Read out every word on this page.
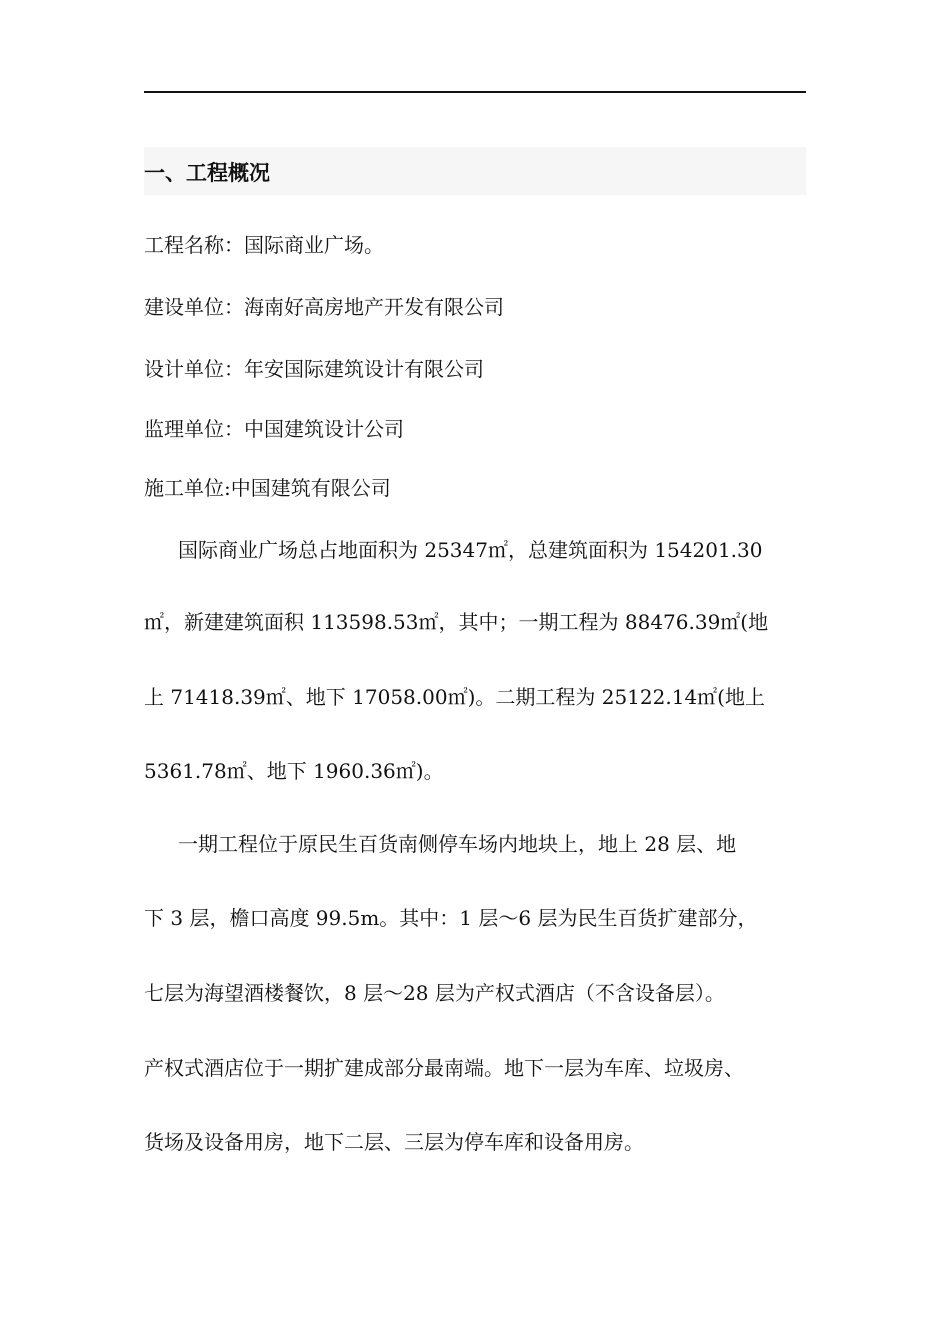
一、工程概况
工程名称：国际商业广场。
建设单位：海南好高房地产开发有限公司
设计单位：年安国际建筑设计有限公司
监理单位：中国建筑设计公司
施工单位:中国建筑有限公司
国际商业广场总占地面积为 25347㎡，总建筑面积为 154201.30
㎡，新建建筑面积 113598.53㎡，其中；一期工程为 88476.39㎡(地
上 71418.39㎡、地下 17058.00㎡)。二期工程为 25122.14㎡(地上
5361.78㎡、地下 1960.36㎡)。
一期工程位于原民生百货南侧停车场内地块上，地上 28 层、地
下 3 层，檐口高度 99.5m。其中：1 层～6 层为民生百货扩建部分，
七层为海望酒楼餐饮，8 层～28 层为产权式酒店（不含设备层）。
产权式酒店位于一期扩建成部分最南端。地下一层为车库、垃圾房、
货场及设备用房，地下二层、三层为停车库和设备用房。
